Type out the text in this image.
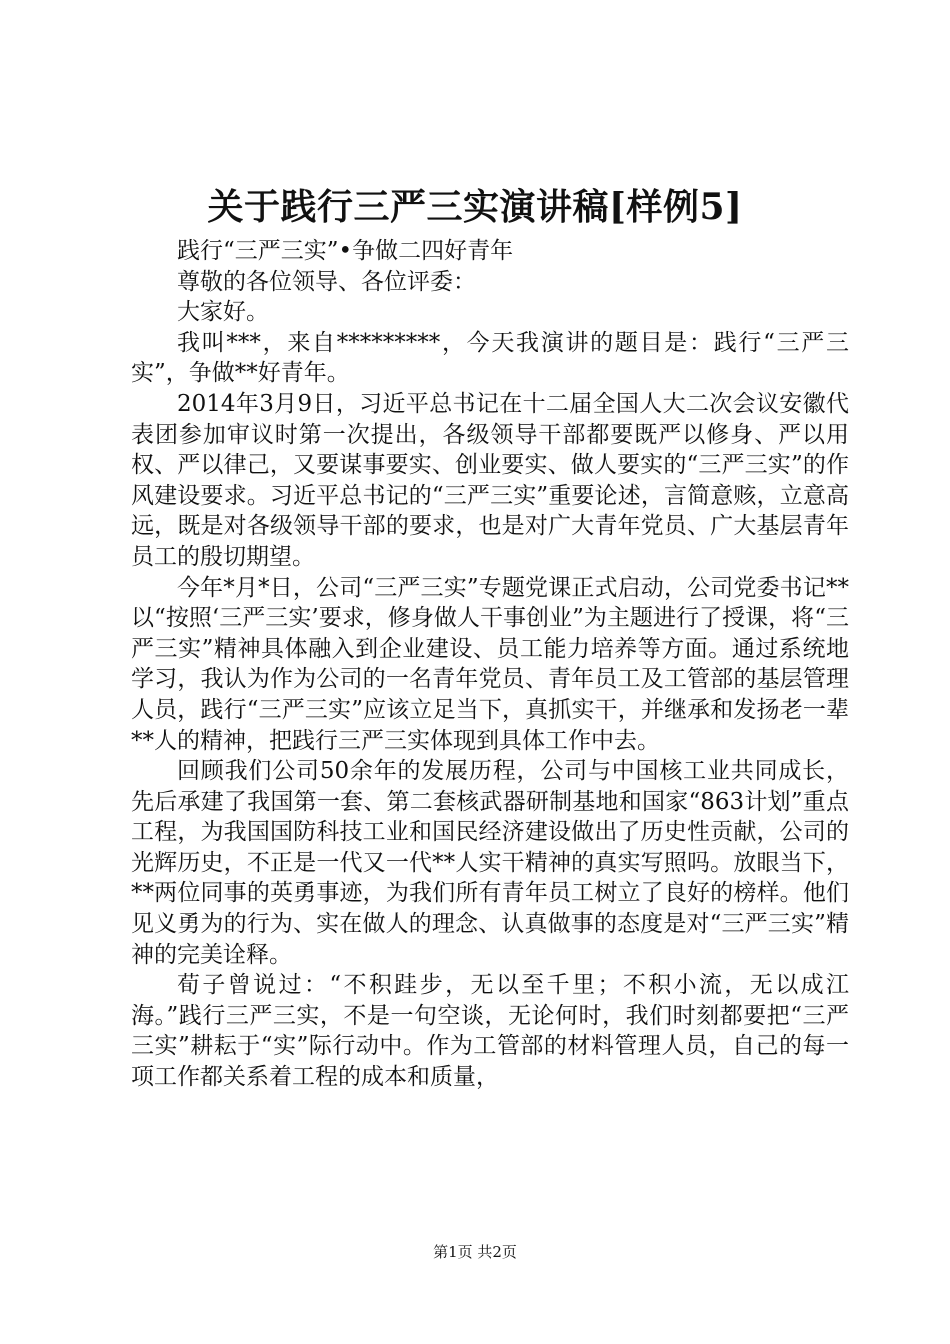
关于践行三严三实演讲稿[样例5]

践行“三严三实”•争做二四好青年

尊敬的各位领导、各位评委：

大家好。

我叫***，来自*********，今天我演讲的题目是：践行“三严三实”，争做**好青年。

2014年3月9日，习近平总书记在十二届全国人大二次会议安徽代表团参加审议时第一次提出，各级领导干部都要既严以修身、严以用权、严以律己，又要谋事要实、创业要实、做人要实的“三严三实”的作风建设要求。习近平总书记的“三严三实”重要论述，言简意赅，立意高远，既是对各级领导干部的要求，也是对广大青年党员、广大基层青年员工的殷切期望。

今年*月*日，公司“三严三实”专题党课正式启动，公司党委书记**以“按照‘三严三实’要求，修身做人干事创业”为主题进行了授课，将“三严三实”精神具体融入到企业建设、员工能力培养等方面。通过系统地学习，我认为作为公司的一名青年党员、青年员工及工管部的基层管理人员，践行“三严三实”应该立足当下，真抓实干，并继承和发扬老一辈**人的精神，把践行三严三实体现到具体工作中去。

回顾我们公司50余年的发展历程，公司与中国核工业共同成长，先后承建了我国第一套、第二套核武器研制基地和国家“863计划”重点工程，为我国国防科技工业和国民经济建设做出了历史性贡献，公司的光辉历史，不正是一代又一代**人实干精神的真实写照吗。放眼当下，**两位同事的英勇事迹，为我们所有青年员工树立了良好的榜样。他们见义勇为的行为、实在做人的理念、认真做事的态度是对“三严三实”精神的完美诠释。

荀子曾说过：“不积跬步，无以至千里；不积小流，无以成江海。”践行三严三实，不是一句空谈，无论何时，我们时刻都要把“三严三实”耕耘于“实”际行动中。作为工管部的材料管理人员，自己的每一项工作都关系着工程的成本和质量，

第1页 共2页
